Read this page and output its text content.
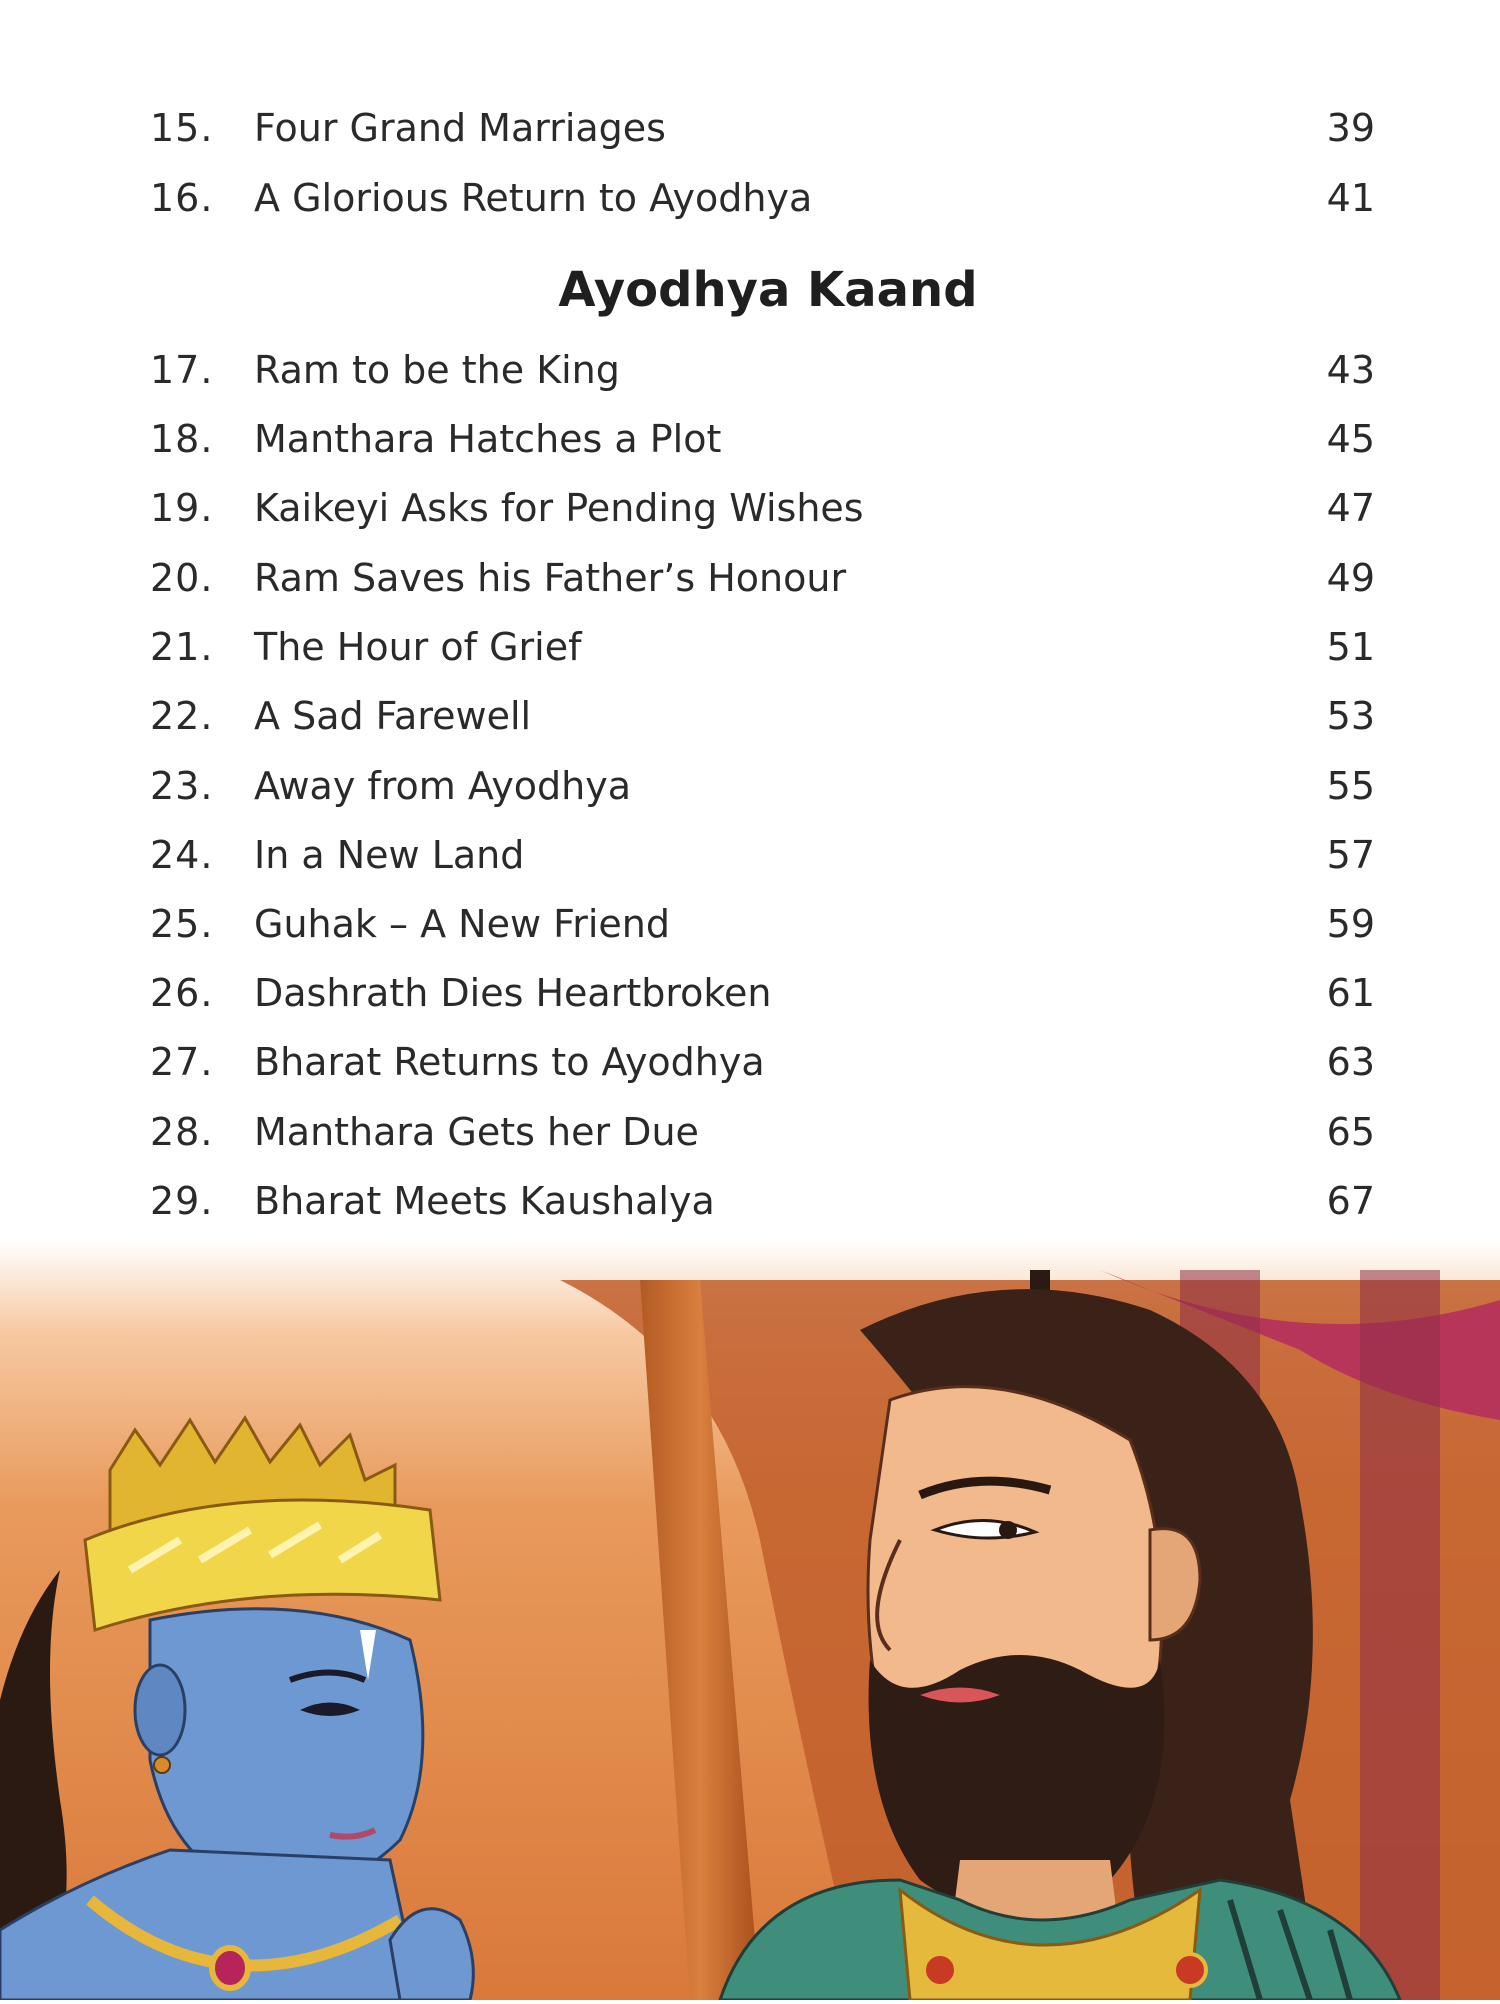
15.	Four Grand Marriages	39
16.	A Glorious Return to Ayodhya	41
Ayodhya Kaand
17.	Ram to be the King	43
18.	Manthara Hatches a Plot	45
19.	Kaikeyi Asks for Pending Wishes	47
20.	Ram Saves his Father’s Honour	49
21.	The Hour of Grief	51
22.	A Sad Farewell	53
23.	Away from Ayodhya	55
24.	In a New Land	57
25.	Guhak – A New Friend	59
26.	Dashrath Dies Heartbroken	61
27.	Bharat Returns to Ayodhya	63
28.	Manthara Gets her Due	65
29.	Bharat Meets Kaushalya	67
